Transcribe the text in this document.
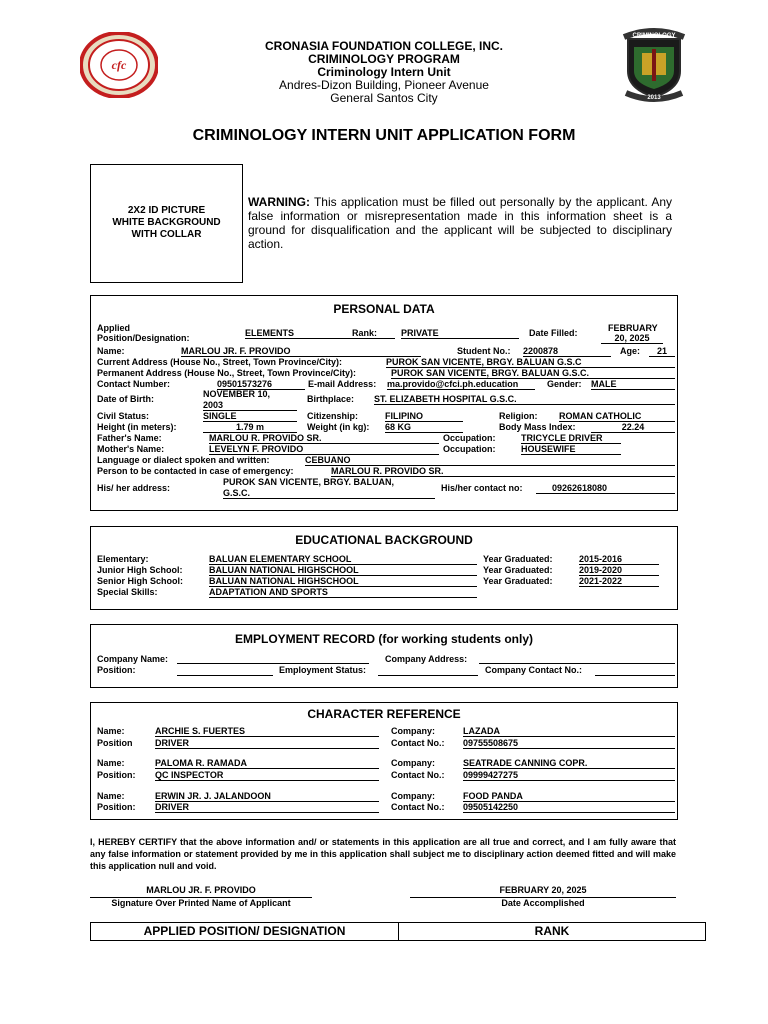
cfc
CRIMINOLOGY
2013
CRONASIA FOUNDATION COLLEGE, INC.
CRIMINOLOGY PROGRAM
Criminology Intern Unit
Andres-Dizon Building, Pioneer Avenue
General Santos City
CRIMINOLOGY INTERN UNIT APPLICATION FORM
2X2 ID PICTURE
WHITE BACKGROUND
WITH COLLAR
WARNING: This application must be filled out personally by the applicant. Any false information or misrepresentation made in this information sheet is a ground for disqualification and the applicant will be subjected to disciplinary action.
PERSONAL DATA
Applied
Position/Designation:	ELEMENTS	Rank:	PRIVATE	Date Filled:	FEBRUARY
20, 2025
Name:	MARLOU JR. F. PROVIDO	Student No.: 2200878	Age:	21
Current Address (House No., Street, Town Province/City):	PUROK SAN VICENTE, BRGY. BALUAN G.S.C
Permanent Address (House No., Street, Town Province/City):	PUROK SAN VICENTE, BRGY. BALUAN G.S.C.
Contact Number:	09501573276	E-mail Address: ma.provido@cfci.ph.education	Gender: MALE
Date of Birth:	NOVEMBER 10,
2003
Birthplace: ST. ELIZABETH HOSPITAL G.S.C.
Civil Status:	SINGLE	Citizenship:	FILIPINO	Religion: ROMAN CATHOLIC
Height (in meters):	1.79 m	Weight (in kg): 68 KG	Body Mass Index:	22.24
Father's Name:	MARLOU R. PROVIDO SR.	Occupation:	TRICYCLE DRIVER
Mother's Name:	LEVELYN F. PROVIDO	Occupation:	HOUSEWIFE
Language or dialect spoken and written:	CEBUANO
Person to be contacted in case of emergency:	MARLOU R. PROVIDO SR.
His/ her address:
PUROK SAN VICENTE, BRGY. BALUAN,
G.S.C.	His/her contact no:	09262618080
EDUCATIONAL BACKGROUND
Elementary:	BALUAN ELEMENTARY SCHOOL	Year Graduated:	2015-2016
Junior High School:	BALUAN NATIONAL HIGHSCHOOL	Year Graduated:	2019-2020
Senior High School:	BALUAN NATIONAL HIGHSCHOOL	Year Graduated:	2021-2022
Special Skills:	ADAPTATION AND SPORTS
EMPLOYMENT RECORD (for working students only)
Company Name:	Company Address:
Position:	Employment Status:	Company Contact No.:
CHARACTER REFERENCE
Name:	ARCHIE S. FUERTES	Company:	LAZADA
Position	DRIVER	Contact No.: 09755508675
Name:	PALOMA R. RAMADA	Company:	SEATRADE CANNING COPR.
Position: QC INSPECTOR	Contact No.: 09999427275
Name:	ERWIN JR. J. JALANDOON	Company:	FOOD PANDA
Position: DRIVER	Contact No.: 09505142250
I, HEREBY CERTIFY that the above information and/ or statements in this application are all true and correct, and I am fully aware that any false information or statement provided by me in this application shall subject me to disciplinary action deemed fitted and will make this application null and void.
MARLOU JR. F. PROVIDO
Signature Over Printed Name of Applicant
FEBRUARY 20, 2025
Date Accomplished
APPLIED POSITION/ DESIGNATION	RANK
